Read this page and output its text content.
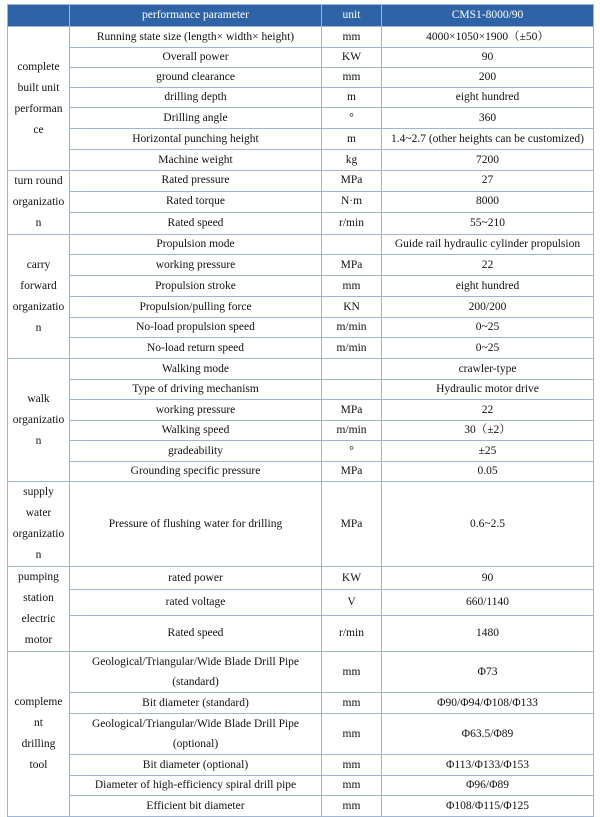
	performance parameter	unit	CMS1-8000/90
complete
built unit
performan
ce	Running state size (length× width× height)	mm	4000×1050×1900（±50）
	Overall power	KW	90
	ground clearance	mm	200
	drilling depth	m	eight hundred
	Drilling angle	°	360
	Horizontal punching height	m	1.4~2.7 (other heights can be customized)
	Machine weight	kg	7200
turn round
organizatio
n	Rated pressure	MPa	27
	Rated torque	N·m	8000
	Rated speed	r/min	55~210
carry
forward
organizatio
n	Propulsion mode		Guide rail hydraulic cylinder propulsion
	working pressure	MPa	22
	Propulsion stroke	mm	eight hundred
	Propulsion/pulling force	KN	200/200
	No-load propulsion speed	m/min	0~25
	No-load return speed	m/min	0~25
walk
organizatio
n	Walking mode		crawler-type
	Type of driving mechanism		Hydraulic motor drive
	working pressure	MPa	22
	Walking speed	m/min	30（±2）
	gradeability	°	±25
	Grounding specific pressure	MPa	0.05
supply
water
organizatio
n	Pressure of flushing water for drilling	MPa	0.6~2.5
pumping
station
electric
motor	rated power	KW	90
	rated voltage	V	660/1140
	Rated speed	r/min	1480
compleme
nt
drilling
tool	Geological/Triangular/Wide Blade Drill Pipe (standard)	mm	Φ73
	Bit diameter (standard)	mm	Φ90/Φ94/Φ108/Φ133
	Geological/Triangular/Wide Blade Drill Pipe (optional)	mm	Φ63.5/Φ89
	Bit diameter (optional)	mm	Φ113/Φ133/Φ153
	Diameter of high-efficiency spiral drill pipe	mm	Φ96/Φ89
	Efficient bit diameter	mm	Φ108/Φ115/Φ125
